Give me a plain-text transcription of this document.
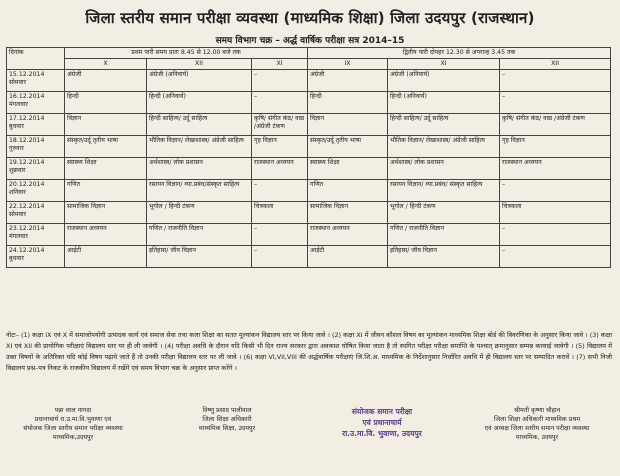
जिला स्तरीय समान परीक्षा व्यवस्था (माध्यमिक शिक्षा) जिला उदयपुर (राजस्थान)
समय विभाग चक्र – अर्द्ध वार्षिक परीक्षा सत्र 2014–15
दिनांक	प्रथम पारी समय प्रातः 8.45 से 12.00 बजे तक			द्वितीय पारी दोपहर 12.30 से अपरान्ह 3.45 तक		
	X	XII	XI	IX	XI	XII

15.12.2014
सोमवार	अंग्रेजी	अंग्रेजी (अनिवार्य)	–	अंग्रेजी	अंग्रेजी (अनिवार्य)	–

16.12.2014
मंगलवार	हिन्दी	हिन्दी (अनिवार्य)	–	हिन्दी	हिन्दी (अनिवार्य)	–

17.12.2014
बुधवार	विज्ञान	हिन्दी साहित्य/ उर्दू साहित्य	कृषि/ संगीत कंठ/ वाद्य /अंग्रेजी टंकण	विज्ञान	हिन्दी साहित्य/ उर्दू साहित्य	कृषि/ संगीत कंठ/ वाद्य /अंग्रेजी टंकण

18.12.2014
गुरुवार	संस्कृत/उर्दू तृतीय भाषा	भौतिक विज्ञान/ लेखाशास्त्र/ अंग्रेजी साहित्य	गृह विज्ञान	संस्कृत/उर्दू तृतीय भाषा	भौतिक विज्ञान/ लेखाशास्त्र/ अंग्रेजी साहित्य	गृह विज्ञान

19.12.2014
शुक्रवार	स्वास्थ्य शिक्षा	अर्थशास्त्र/ लोक प्रशासन	राजस्थान अध्ययन	स्वास्थ्य शिक्षा	अर्थशास्त्र/ लोक प्रशासन	राजस्थान अध्ययन

20.12.2014
शनिवार	गणित	रसायन विज्ञान/ व्या.प्रबंध/संस्कृत साहित्य	–	गणित	रसायन विज्ञान/ व्या.प्रबंध/ संस्कृत साहित्य	–

22.12.2014
सोमवार	सामाजिक विज्ञान	भूगोल / हिन्दी टंकण	चित्रकला	सामाजिक विज्ञान	भूगोल / हिन्दी टंकण	चित्रकला

23.12.2014
मंगलवार	राजस्थान अध्ययन	गणित / राजनीति विज्ञान	–	राजस्थान अध्ययन	गणित / राजनीति विज्ञान	–

24.12.2014
बुधवार	आईटी	इतिहास/ जीव विज्ञान	–	आईटी	इतिहास/ जीव विज्ञान	–
नोटः– (1) कक्षा IX एवं X में समाजोपयोगी उत्पादक कार्य एवं समाज सेवा तथा कला शिक्षा का सतत मूल्यांकन विद्यालय स्तर पर किया जावे । (2) कक्षा XI में जीवन कौशल विषय का मूल्यांकन माध्यमिक शिक्षा बोर्ड की विवरणिका के अनुसार किया जावे । (3) कक्षा XI एवं XII की प्रायोगिक परीक्षाएं विद्यालय स्तर पर ही ली जावेगी । (4) परीक्षा अवधि के दौरान यदि किसी भी दिन राज्य सरकार द्वारा अवकाश घोषित किया जाता है तो स्थगित परीक्षा परीक्षा समाप्ति के पश्चात् क्रमानुसार सम्पन्न करवाई जावेगी । (5) विद्यालय में उक्त विषयों के अतिरिक्त यदि कोई विषय पढ़ाये जाते हैं तो उनकी परीक्षा विद्यालय स्तर पर ली जावे । (6) कक्षा VI,VII,VIII की अर्द्धवार्षिक परीक्षाएं जि.शि.अ. माध्यमिक के निर्देशानुसार निर्धारित अवधि में ही विद्यालय स्तर पर सम्पादित करावें । (7) सभी निजी विद्यालय प्रश्न–पत्र निकट के राजकीय विद्यालय में रखेंगे एवं समय विभाग चक्र के अनुसार प्राप्त करेंगे ।
पन्ना लाल नागदा
प्रधानाचार्य रा.उ.मा.वि.भुवाणा एवं
संयोजक जिला स्तरीय समान परीक्षा व्यवस्था
माध्यमिक,उदयपुर
विष्णु प्रसाद पालीवाल
जिला शिक्षा अधिकारी
माध्यमिक शिक्षा, उदयपुर
संयोजक समान परीक्षा
एवं प्रधानाचार्य
रा.उ.मा.वि. भुवाणा, उदयपुर
श्रीमती कृष्णा चौहान
जिला शिक्षा अधिकारी माध्यमिक प्रथम
एवं अध्यक्ष जिला स्तरीय समान परीक्षा व्यवस्था
माध्यमिक, उदयपुर
